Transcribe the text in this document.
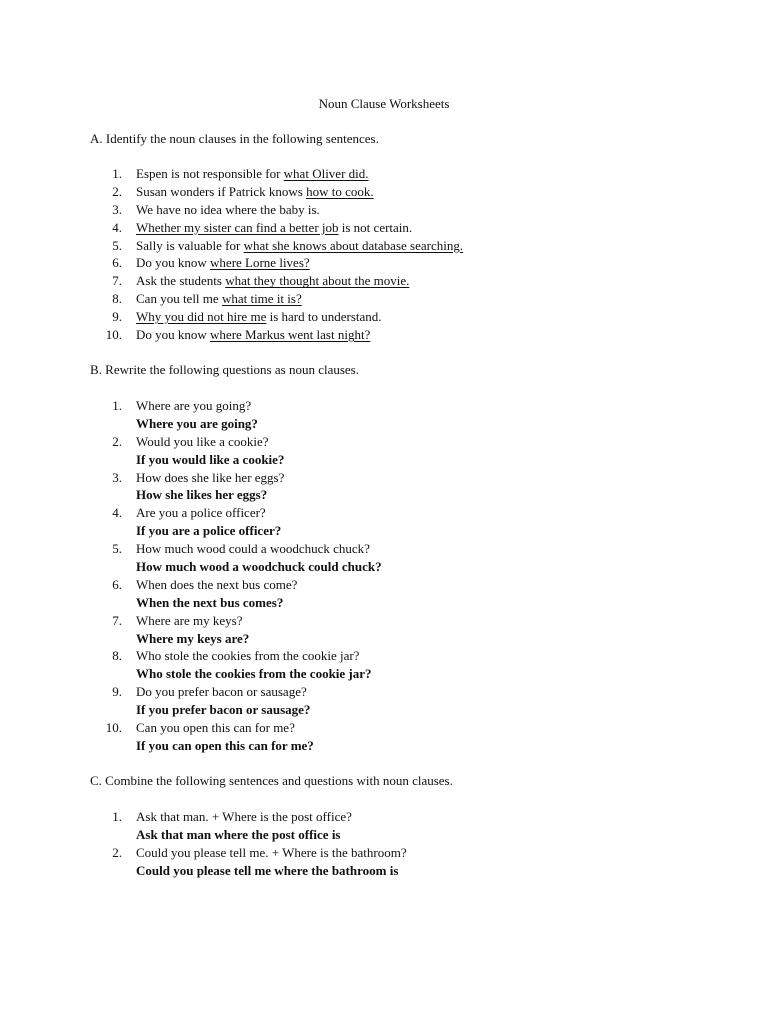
Noun Clause Worksheets
A. Identify the noun clauses in the following sentences.
1. Espen is not responsible for what Oliver did.
2. Susan wonders if Patrick knows how to cook.
3. We have no idea where the baby is.
4. Whether my sister can find a better job is not certain.
5. Sally is valuable for what she knows about database searching.
6. Do you know where Lorne lives?
7. Ask the students what they thought about the movie.
8. Can you tell me what time it is?
9. Why you did not hire me is hard to understand.
10. Do you know where Markus went last night?
B. Rewrite the following questions as noun clauses.
1. Where are you going?
Where you are going?
2. Would you like a cookie?
If you would like a cookie?
3. How does she like her eggs?
How she likes her eggs?
4. Are you a police officer?
If you are a police officer?
5. How much wood could a woodchuck chuck?
How much wood a woodchuck could chuck?
6. When does the next bus come?
When the next bus comes?
7. Where are my keys?
Where my keys are?
8. Who stole the cookies from the cookie jar?
Who stole the cookies from the cookie jar?
9. Do you prefer bacon or sausage?
If you prefer bacon or sausage?
10. Can you open this can for me?
If you can open this can for me?
C. Combine the following sentences and questions with noun clauses.
1. Ask that man. + Where is the post office?
Ask that man where the post office is
2. Could you please tell me. + Where is the bathroom?
Could you please tell me where the bathroom is
